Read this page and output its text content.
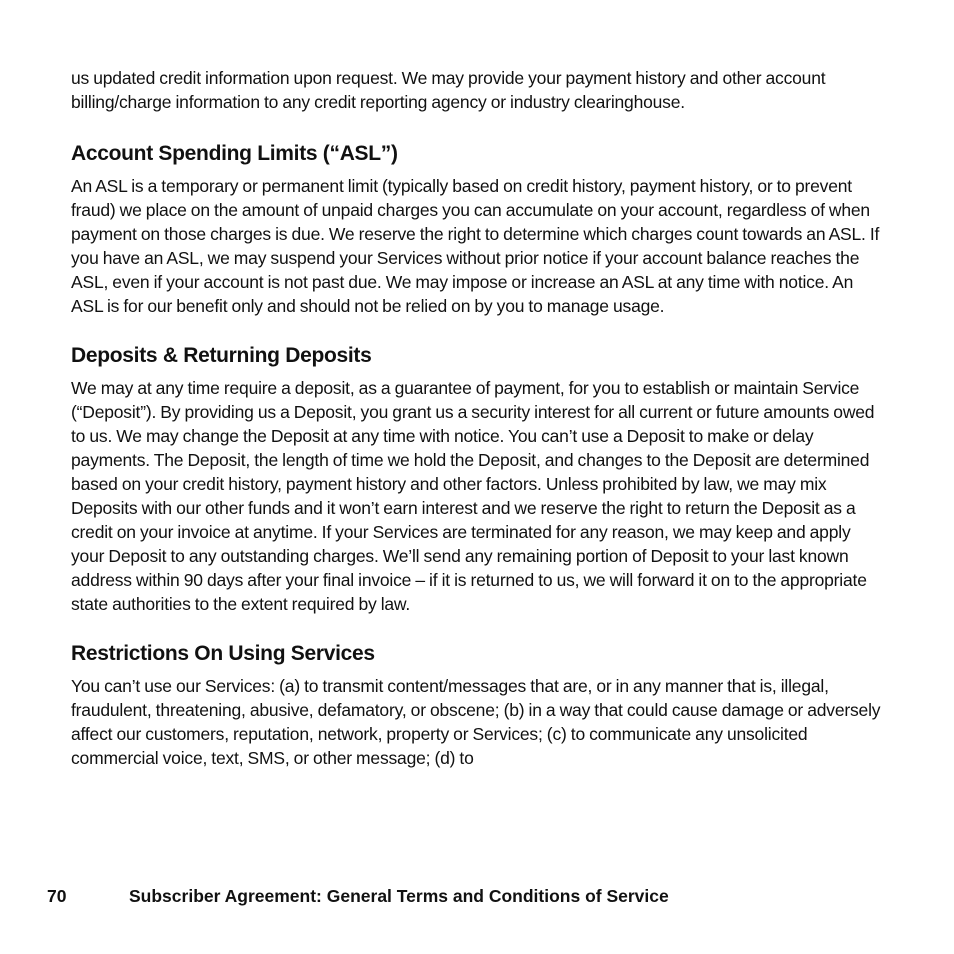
us updated credit information upon request. We may provide your payment history and other account billing/charge information to any credit reporting agency or industry clearinghouse.

Account Spending Limits (“ASL”)

An ASL is a temporary or permanent limit (typically based on credit history, payment history, or to prevent fraud) we place on the amount of unpaid charges you can accumulate on your account, regardless of when payment on those charges is due. We reserve the right to determine which charges count towards an ASL. If you have an ASL, we may suspend your Services without prior notice if your account balance reaches the ASL, even if your account is not past due. We may impose or increase an ASL at any time with notice. An ASL is for our benefit only and should not be relied on by you to manage usage.

Deposits & Returning Deposits

We may at any time require a deposit, as a guarantee of payment, for you to establish or maintain Service (“Deposit”). By providing us a Deposit, you grant us a security interest for all current or future amounts owed to us. We may change the Deposit at any time with notice. You can’t use a Deposit to make or delay payments. The Deposit, the length of time we hold the Deposit, and changes to the Deposit are determined based on your credit history, payment history and other factors. Unless prohibited by law, we may mix Deposits with our other funds and it won’t earn interest and we reserve the right to return the Deposit as a credit on your invoice at anytime. If your Services are terminated for any reason, we may keep and apply your Deposit to any outstanding charges. We’ll send any remaining portion of Deposit to your last known address within 90 days after your final invoice – if it is returned to us, we will forward it on to the appropriate state authorities to the extent required by law.

Restrictions On Using Services

You can’t use our Services: (a) to transmit content/messages that are, or in any manner that is, illegal, fraudulent, threatening, abusive, defamatory, or obscene; (b) in a way that could cause damage or adversely affect our customers, reputation, network, property or Services; (c) to communicate any unsolicited commercial voice, text, SMS, or other message; (d) to

70	Subscriber Agreement: General Terms and Conditions of Service
